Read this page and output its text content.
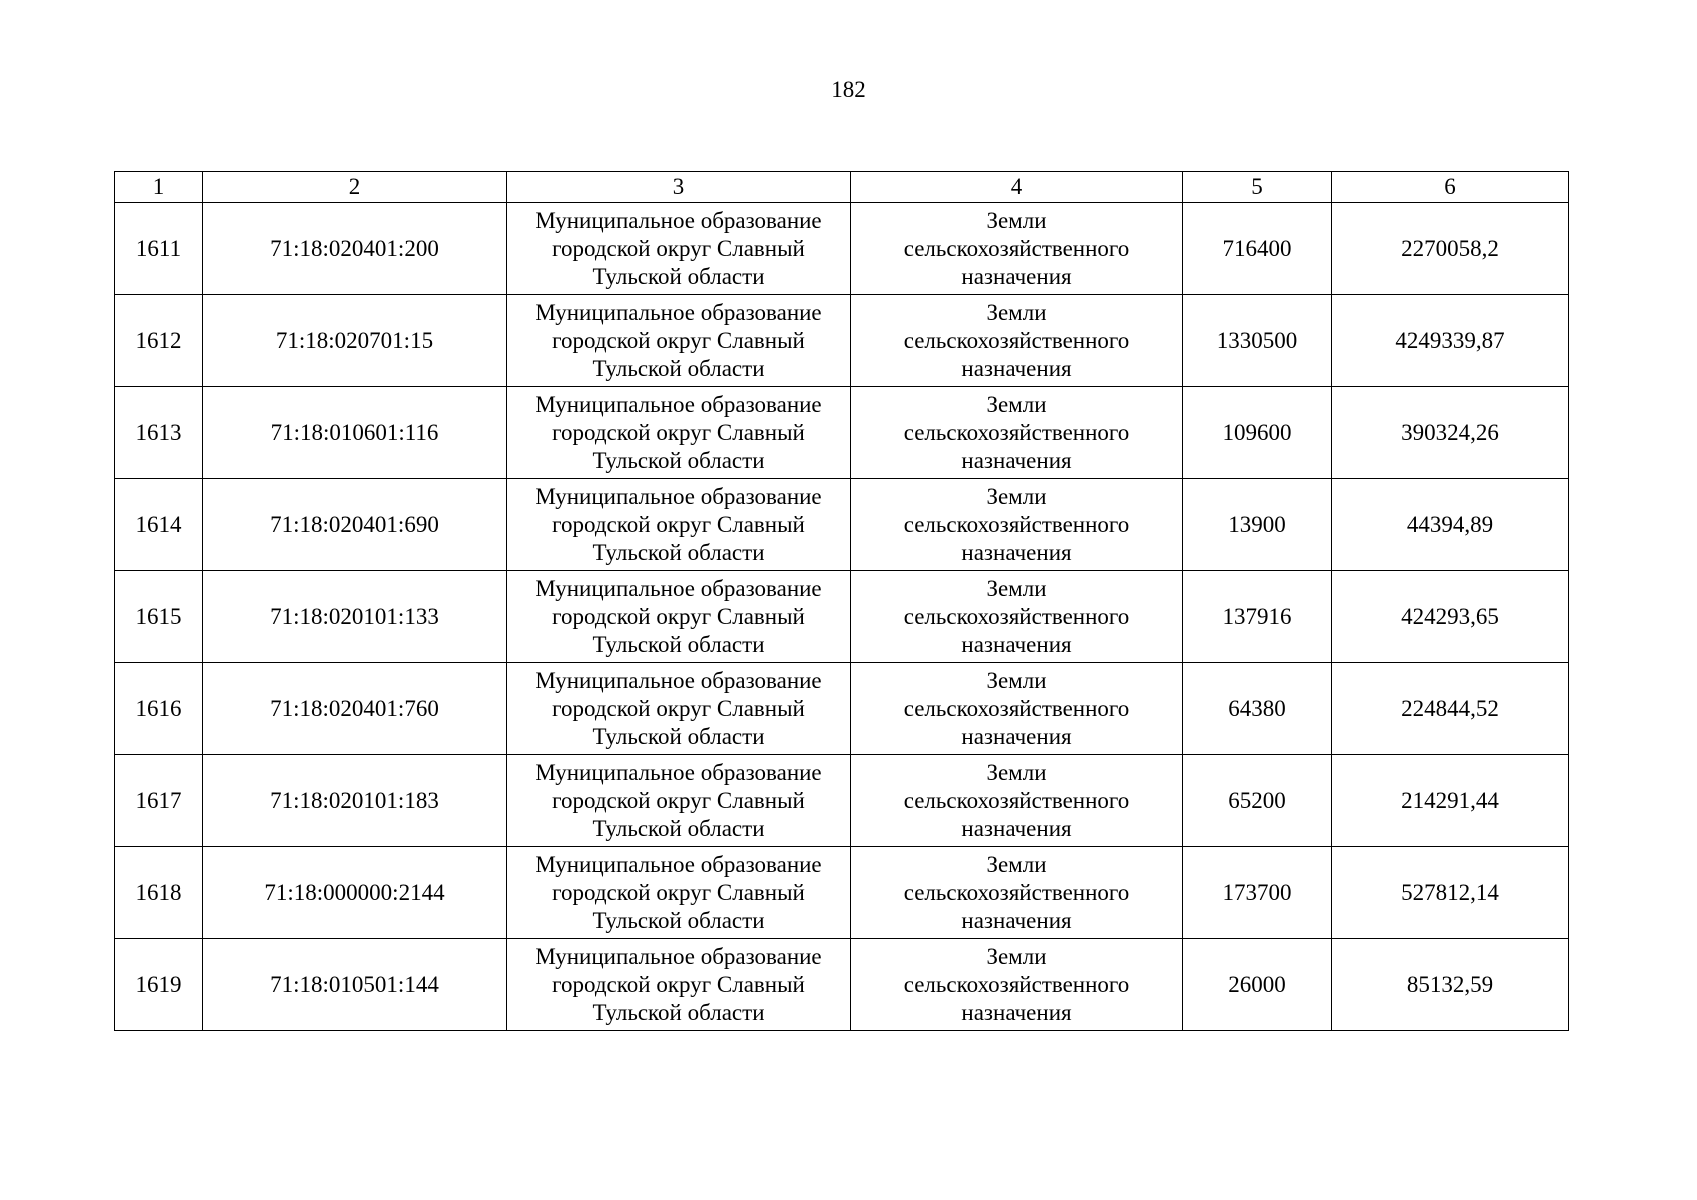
182
1	2	3	4	5	6
1611	71:18:020401:200	Муниципальное образование
городской округ Славный
Тульской области	Земли
сельскохозяйственного
назначения	716400	2270058,2
1612	71:18:020701:15	Муниципальное образование
городской округ Славный
Тульской области	Земли
сельскохозяйственного
назначения	1330500	4249339,87
1613	71:18:010601:116	Муниципальное образование
городской округ Славный
Тульской области	Земли
сельскохозяйственного
назначения	109600	390324,26
1614	71:18:020401:690	Муниципальное образование
городской округ Славный
Тульской области	Земли
сельскохозяйственного
назначения	13900	44394,89
1615	71:18:020101:133	Муниципальное образование
городской округ Славный
Тульской области	Земли
сельскохозяйственного
назначения	137916	424293,65
1616	71:18:020401:760	Муниципальное образование
городской округ Славный
Тульской области	Земли
сельскохозяйственного
назначения	64380	224844,52
1617	71:18:020101:183	Муниципальное образование
городской округ Славный
Тульской области	Земли
сельскохозяйственного
назначения	65200	214291,44
1618	71:18:000000:2144	Муниципальное образование
городской округ Славный
Тульской области	Земли
сельскохозяйственного
назначения	173700	527812,14
1619	71:18:010501:144	Муниципальное образование
городской округ Славный
Тульской области	Земли
сельскохозяйственного
назначения	26000	85132,59
